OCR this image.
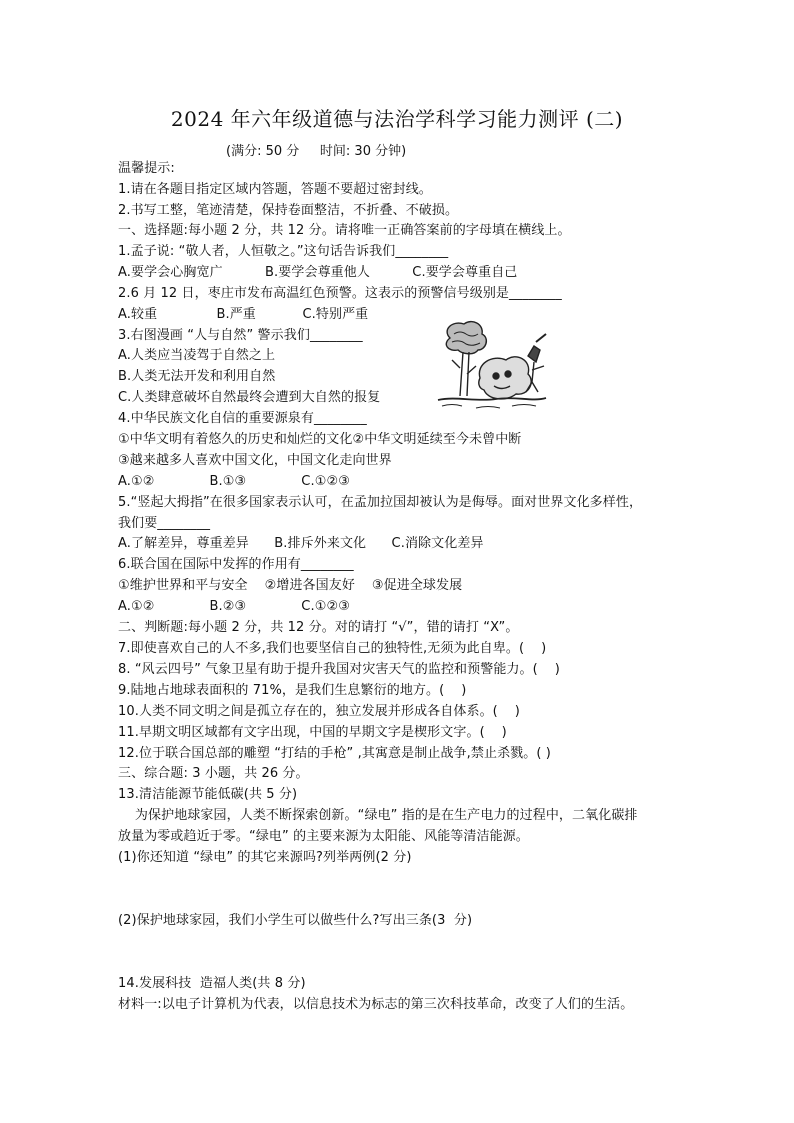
2024 年六年级道德与法治学科学习能力测评 (二)
(满分: 50 分     时间: 30 分钟)
温馨提示:
1.请在各题目指定区域内答题，答题不要超过密封线。
2.书写工整，笔迹清楚，保持卷面整洁，不折叠、不破损。
一、选择题:每小题 2 分，共 12 分。请将唯一正确答案前的字母填在横线上。
1.孟子说: “敬人者，人恒敬之。”这句话告诉我们________
A.要学会心胸宽广          B.要学会尊重他人          C.要学会尊重自己
2.6 月 12 日，枣庄市发布高温红色预警。这表示的预警信号级别是________
A.较重              B.严重           C.特别严重
3.右图漫画 “人与自然” 警示我们________
A.人类应当凌驾于自然之上
B.人类无法开发和利用自然
C.人类肆意破坏自然最终会遭到大自然的报复
4.中华民族文化自信的重要源泉有________
①中华文明有着悠久的历史和灿烂的文化②中华文明延续至今未曾中断
③越来越多人喜欢中国文化，中国文化走向世界
A.①②             B.①③             C.①②③
5.“竖起大拇指”在很多国家表示认可，在孟加拉国却被认为是侮辱。面对世界文化多样性，
我们要________
A.了解差异，尊重差异      B.排斥外来文化      C.消除文化差异
6.联合国在国际中发挥的作用有________
①维护世界和平与安全    ②增进各国友好    ③促进全球发展
A.①②             B.②③             C.①②③
二、判断题:每小题 2 分，共 12 分。对的请打 “√”，错的请打 “X”。
7.即使喜欢自己的人不多,我们也要坚信自己的独特性,无须为此自卑。(    )
8. “风云四号” 气象卫星有助于提升我国对灾害天气的监控和预警能力。(    )
9.陆地占地球表面积的 71%，是我们生息繁衍的地方。(    )
10.人类不同文明之间是孤立存在的，独立发展并形成各自体系。(    )
11.早期文明区域都有文字出现，中国的早期文字是楔形文字。(    )
12.位于联合国总部的雕塑 “打结的手枪” ,其寓意是制止战争,禁止杀戮。( )
三、综合题: 3 小题，共 26 分。
13.清洁能源节能低碳(共 5 分)
为保护地球家园，人类不断探索创新。“绿电” 指的是在生产电力的过程中，二氧化碳排
放量为零或趋近于零。“绿电” 的主要来源为太阳能、风能等清洁能源。
(1)你还知道 “绿电” 的其它来源吗?列举两例(2 分)
(2)保护地球家园，我们小学生可以做些什么?写出三条(3  分)
14.发展科技  造福人类(共 8 分)
材料一:以电子计算机为代表，以信息技术为标志的第三次科技革命，改变了人们的生活。
